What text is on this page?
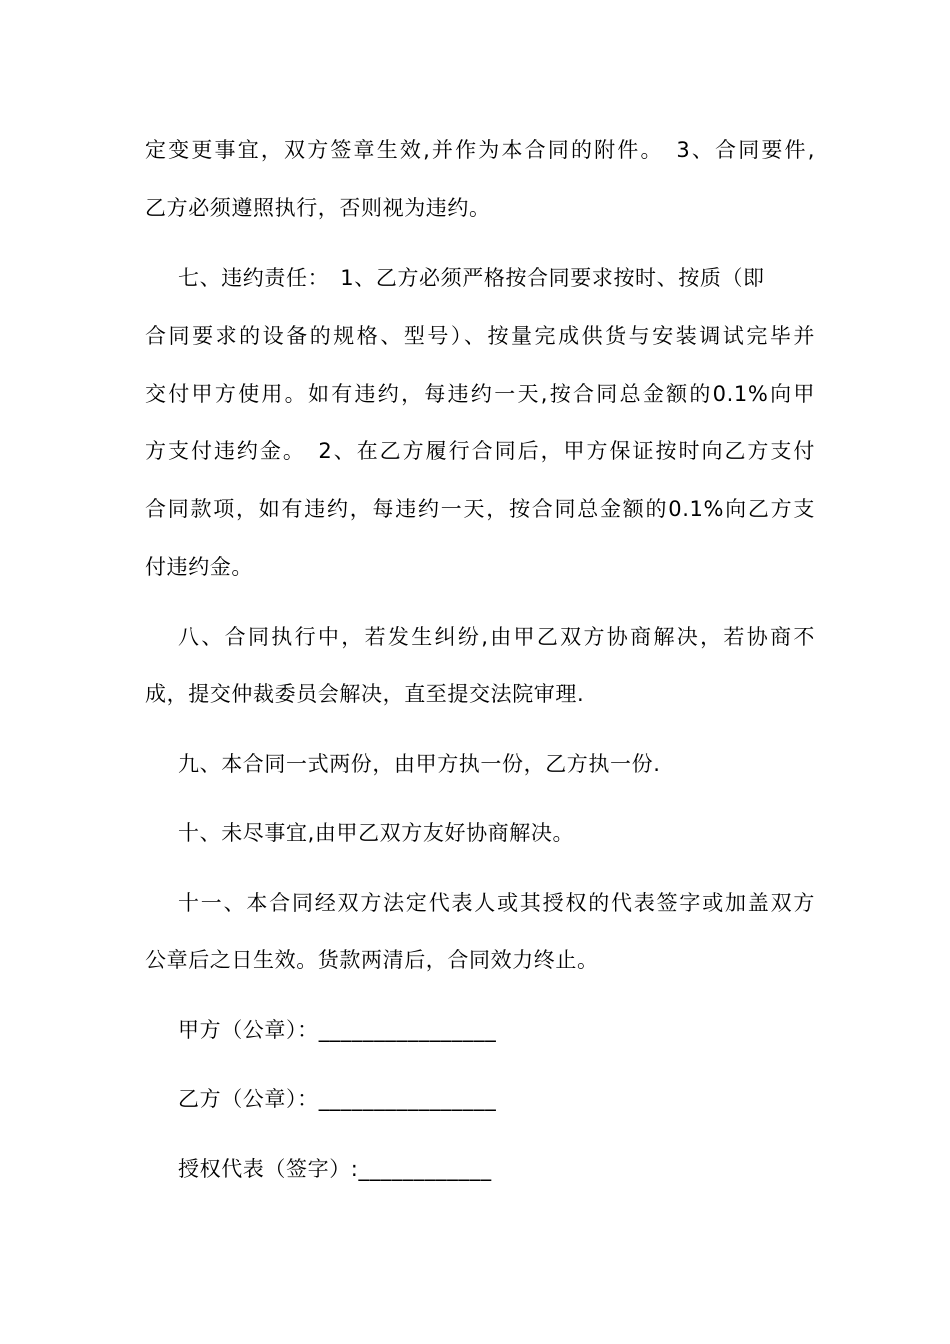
定变更事宜，双方签章生效,并作为本合同的附件。　3、合同要件,
乙方必须遵照执行，否则视为违约。
七、违约责任：　1、乙方必须严格按合同要求按时、按质（即
合同要求的设备的规格、型号）、按量完成供货与安装调试完毕并
交付甲方使用。如有违约，每违约一天,按合同总金额的0.1%向甲
方支付违约金。　2、在乙方履行合同后，甲方保证按时向乙方支付
合同款项，如有违约，每违约一天，按合同总金额的0.1%向乙方支
付违约金。
八、合同执行中，若发生纠纷,由甲乙双方协商解决，若协商不
成，提交仲裁委员会解决，直至提交法院审理.
九、本合同一式两份，由甲方执一份，乙方执一份.
十、未尽事宜,由甲乙双方友好协商解决。
十一、本合同经双方法定代表人或其授权的代表签字或加盖双方
公章后之日生效。货款两清后，合同效力终止。
甲方（公章）：________________
乙方（公章）：________________
授权代表（签字）:____________
